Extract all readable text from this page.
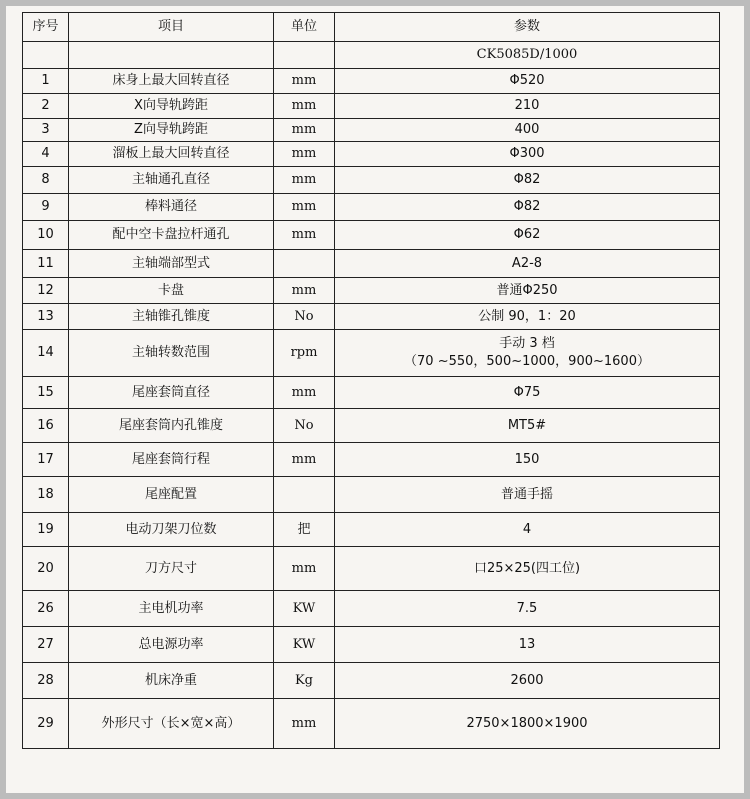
序号	项目	单位	参数
			CK5085D/1000
1	床身上最大回转直径	mm	Φ520

2	X向导轨跨距	mm	210

3	Z向导轨跨距	mm	400

4	溜板上最大回转直径	mm	Φ300

8	主轴通孔直径	mm	Φ82

9	棒料通径	mm	Φ82

10	配中空卡盘拉杆通孔	mm	Φ62

11	主轴端部型式		A2-8

12	卡盘	mm	普通Φ250

13	主轴锥孔锥度	No	公制 90，1：20

14	主轴转数范围	rpm	手动 3 档
（70 ~550，500~1000，900~1600）

15	尾座套筒直径	mm	Φ75

16	尾座套筒内孔锥度	No	MT5#

17	尾座套筒行程	mm	150

18	尾座配置		普通手摇

19	电动刀架刀位数	把	4

20	刀方尺寸	mm	口25×25(四工位)

26	主电机功率	KW	7.5

27	总电源功率	KW	13

28	机床净重	Kg	2600

29	外形尺寸（长×宽×高）	mm	2750×1800×1900
